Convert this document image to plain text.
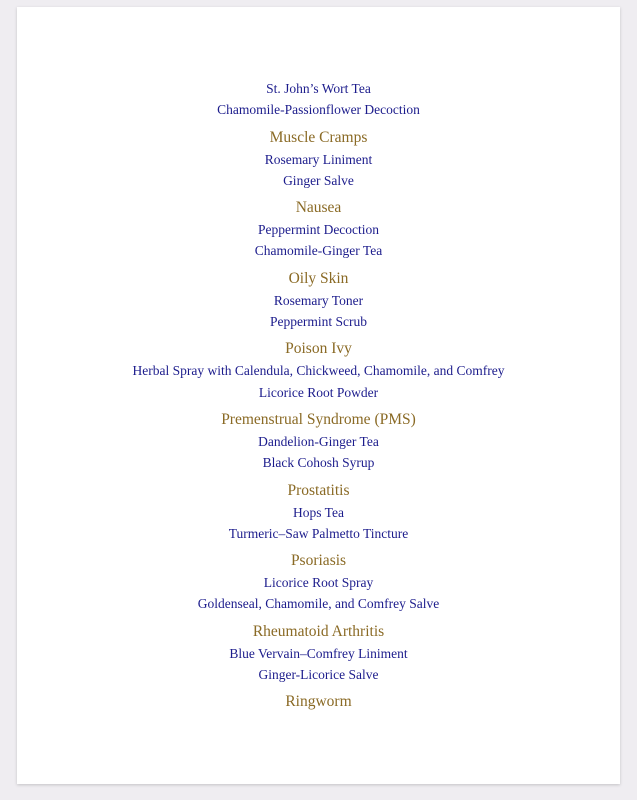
St. John’s Wort Tea
Chamomile-Passionflower Decoction
Muscle Cramps
Rosemary Liniment
Ginger Salve
Nausea
Peppermint Decoction
Chamomile-Ginger Tea
Oily Skin
Rosemary Toner
Peppermint Scrub
Poison Ivy
Herbal Spray with Calendula, Chickweed, Chamomile, and Comfrey
Licorice Root Powder
Premenstrual Syndrome (PMS)
Dandelion-Ginger Tea
Black Cohosh Syrup
Prostatitis
Hops Tea
Turmeric–Saw Palmetto Tincture
Psoriasis
Licorice Root Spray
Goldenseal, Chamomile, and Comfrey Salve
Rheumatoid Arthritis
Blue Vervain–Comfrey Liniment
Ginger-Licorice Salve
Ringworm
